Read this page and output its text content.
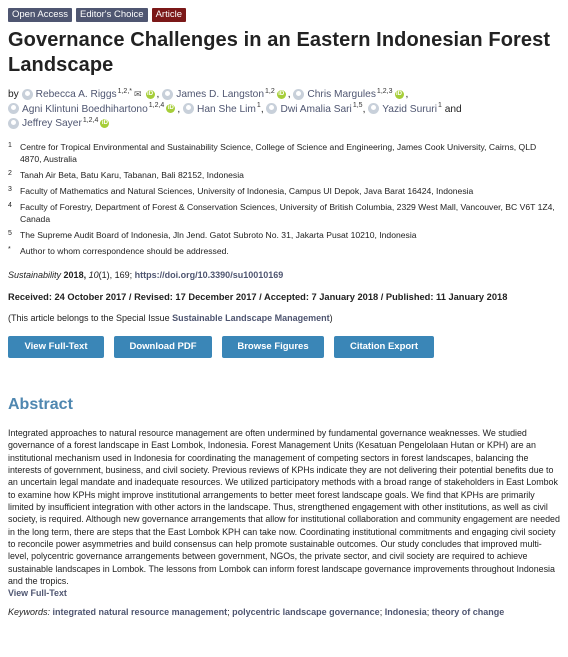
Open Access	Editor's Choice	Article
Governance Challenges in an Eastern Indonesian Forest Landscape
by Rebecca A. Riggs$^{1,2,*}$ ✉ iD , James D. Langston$^{1,2}$ iD , Chris Margules$^{1,2,3}$ iD ,
Agni Klintuni Boedhihartono$^{1,2,4}$ iD , Han She Lim$^1$, Dwi Amalia Sari$^{1,5}$, Yazid Sururi$^1$ and
Jeffrey Sayer$^{1,2,4}$ iD
1 Centre for Tropical Environmental and Sustainability Science, College of Science and Engineering, James Cook University, Cairns, QLD 4870, Australia
2 Tanah Air Beta, Batu Karu, Tabanan, Bali 82152, Indonesia
3 Faculty of Mathematics and Natural Sciences, University of Indonesia, Campus UI Depok, Java Barat 16424, Indonesia
4 Faculty of Forestry, Department of Forest & Conservation Sciences, University of British Columbia, 2329 West Mall, Vancouver, BC V6T 1Z4, Canada
5 The Supreme Audit Board of Indonesia, Jln Jend. Gatot Subroto No. 31, Jakarta Pusat 10210, Indonesia
*	Author to whom correspondence should be addressed.
Sustainability 2018, 10(1), 169; https://doi.org/10.3390/su10010169
Received: 24 October 2017 / Revised: 17 December 2017 / Accepted: 7 January 2018 / Published: 11 January 2018
(This article belongs to the Special Issue Sustainable Landscape Management)
View Full-Text	Download PDF	Browse Figures	Citation Export
Abstract
Integrated approaches to natural resource management are often undermined by fundamental governance weaknesses. We studied governance of a forest landscape in East Lombok, Indonesia. Forest Management Units (Kesatuan Pengelolaan Hutan or KPH) are an institutional mechanism used in Indonesia for coordinating the management of competing sectors in forest landscapes, balancing the interests of government, business, and civil society. Previous reviews of KPHs indicate they are not delivering their potential benefits due to an uncertain legal mandate and inadequate resources. We utilized participatory methods with a broad range of stakeholders in East Lombok to examine how KPHs might improve institutional arrangements to better meet forest landscape goals. We find that KPHs are primarily limited by insufficient integration with other actors in the landscape. Thus, strengthened engagement with other institutions, as well as civil society, is required. Although new governance arrangements that allow for institutional collaboration and community engagement are needed in the long term, there are steps that the East Lombok KPH can take now. Coordinating institutional commitments and engaging civil society to reconcile power asymmetries and build consensus can help promote sustainable outcomes. Our study concludes that improved multi-level, polycentric governance arrangements between government, NGOs, the private sector, and civil society are required to achieve sustainable landscapes in Lombok. The lessons from Lombok can inform forest landscape governance improvements throughout Indonesia and the tropics.
View Full-Text
Keywords: integrated natural resource management; polycentric landscape governance; Indonesia; theory of change
